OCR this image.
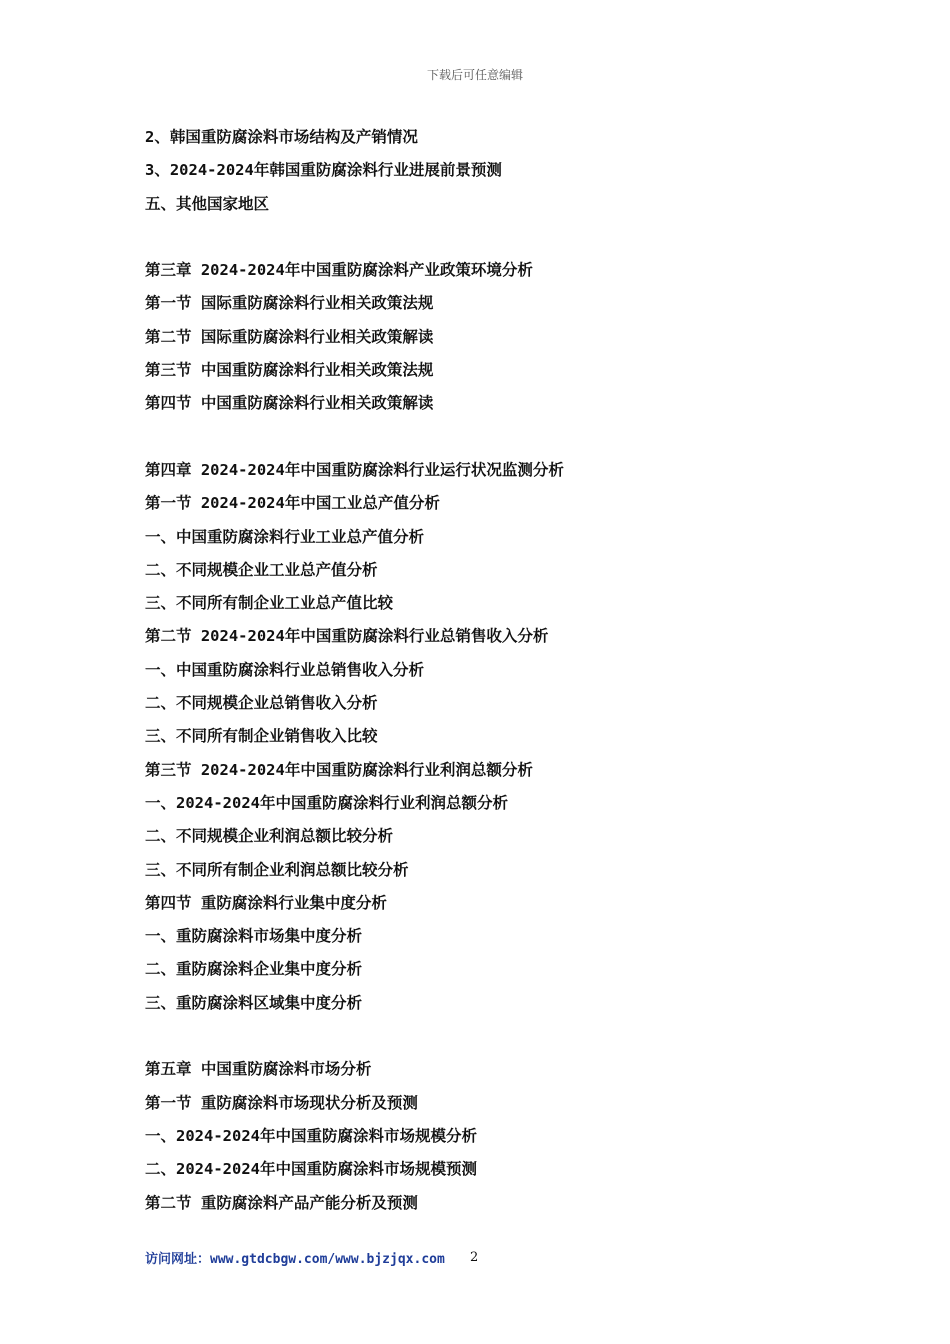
下载后可任意编辑
2、韩国重防腐涂料市场结构及产销情况
3、2024-2024年韩国重防腐涂料行业进展前景预测
五、其他国家地区
第三章 2024-2024年中国重防腐涂料产业政策环境分析
第一节 国际重防腐涂料行业相关政策法规
第二节 国际重防腐涂料行业相关政策解读
第三节 中国重防腐涂料行业相关政策法规
第四节 中国重防腐涂料行业相关政策解读
第四章 2024-2024年中国重防腐涂料行业运行状况监测分析
第一节 2024-2024年中国工业总产值分析
一、中国重防腐涂料行业工业总产值分析
二、不同规模企业工业总产值分析
三、不同所有制企业工业总产值比较
第二节 2024-2024年中国重防腐涂料行业总销售收入分析
一、中国重防腐涂料行业总销售收入分析
二、不同规模企业总销售收入分析
三、不同所有制企业销售收入比较
第三节 2024-2024年中国重防腐涂料行业利润总额分析
一、2024-2024年中国重防腐涂料行业利润总额分析
二、不同规模企业利润总额比较分析
三、不同所有制企业利润总额比较分析
第四节 重防腐涂料行业集中度分析
一、重防腐涂料市场集中度分析
二、重防腐涂料企业集中度分析
三、重防腐涂料区域集中度分析
第五章 中国重防腐涂料市场分析
第一节 重防腐涂料市场现状分析及预测
一、2024-2024年中国重防腐涂料市场规模分析
二、2024-2024年中国重防腐涂料市场规模预测
第二节 重防腐涂料产品产能分析及预测
访问网址：www.gtdcbgw.com/www.bjzjqx.com 2
